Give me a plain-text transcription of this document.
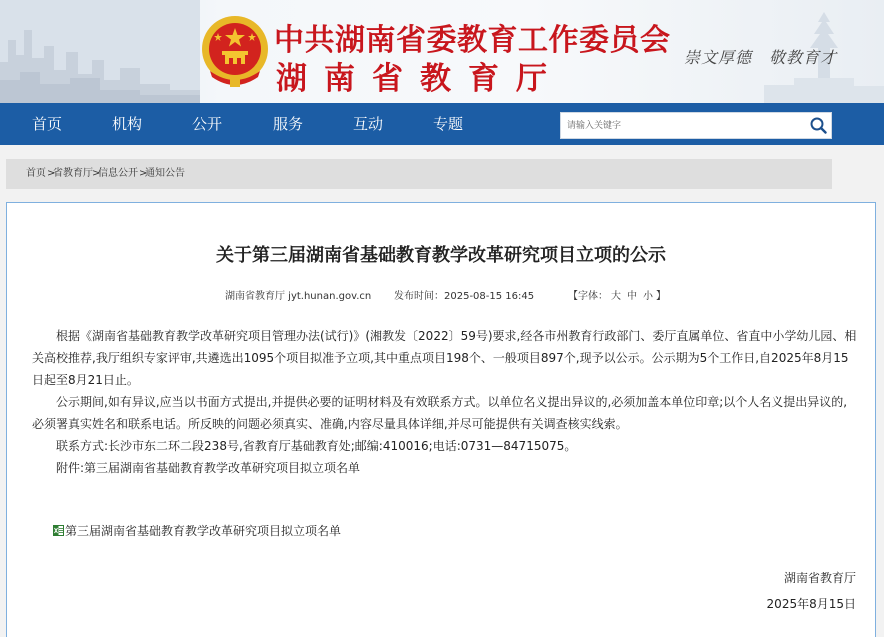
中共湖南省委教育工作委员会
湖南省教育厅
崇文厚德　敬教育才
首页	机构	公开	服务	互动	专题
请输入关键字
首页 >
省教育厅 >
信息公开 >
通知公告
关于第三届湖南省基础教育教学改革研究项目立项的公示
湖南省教育厅 jyt.hunan.gov.cn 发布时间：2025-08-15 16:45	【字体： 大 中 小 】

根据《湖南省基础教育教学改革研究项目管理办法(试行)》(湘教发〔2022〕59号)要求,经各市州教育行政部门、委厅直属单位、省直中小学幼儿园、相关高校推荐,我厅组织专家评审,共遴选出1095个项目拟准予立项,其中重点项目198个、一般项目897个,现予以公示。公示期为5个工作日,自2025年8月15日起至8月21日止。

公示期间,如有异议,应当以书面方式提出,并提供必要的证明材料及有效联系方式。以单位名义提出异议的,必须加盖本单位印章;以个人名义提出异议的,必须署真实姓名和联系电话。所反映的问题必须真实、准确,内容尽量具体详细,并尽可能提供有关调查核实线索。

联系方式:长沙市东二环二段238号,省教育厅基础教育处;邮编:410016;电话:0731—84715075。

附件:第三届湖南省基础教育教学改革研究项目拟立项名单

第三届湖南省基础教育教学改革研究项目拟立项名单
湖南省教育厅
2025年8月15日
